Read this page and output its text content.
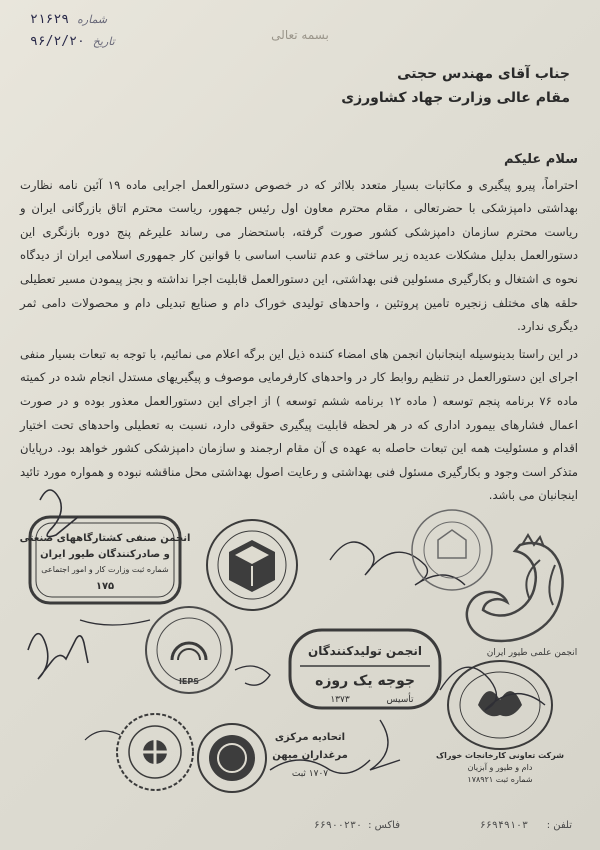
۲۱۶۲۹ شماره
۹۶/۲/۲۰ تاریخ	بسمه تعالی
جناب آقای مهندس حجتی
مقام عالی وزارت جهاد کشاورزی

سلام علیکم

احتراماً، پیرو پیگیری و مکاتبات بسیار متعدد بلااثر که در خصوص دستورالعمل اجرایی ماده ۱۹ آئین نامه نظارت بهداشتی دامپزشکی با حضرتعالی ، مقام محترم معاون اول رئیس جمهور، ریاست محترم اتاق بازرگانی ایران و ریاست محترم سازمان دامپزشکی کشور صورت گرفته، باستحضار می رساند علیرغم پنج دوره بازنگری این دستورالعمل بدلیل مشکلات عدیده زیر ساختی و عدم تناسب اساسی با قوانین کار جمهوری اسلامی ایران از دیدگاه نحوه ی اشتغال و بکارگیری مسئولین فنی بهداشتی، این دستورالعمل قابلیت اجرا نداشته و بجز پیمودن مسیر تعطیلی حلقه های مختلف زنجیره تامین پروتئین ، واحدهای تولیدی خوراک دام و صنایع تبدیلی دام و محصولات دامی ثمر دیگری ندارد.

در این راستا بدینوسیله اینجانبان انجمن های امضاء کننده ذیل این برگه اعلام می نمائیم، با توجه به تبعات بسیار منفی اجرای این دستورالعمل در تنظیم روابط کار در واحدهای کارفرمایی موصوف و پیگیریهای مستدل انجام شده در کمیته ماده ۷۶ برنامه پنجم توسعه ( ماده ۱۲ برنامه ششم توسعه ) از اجرای این دستورالعمل معذور بوده و در صورت اعمال فشارهای بیمورد اداری که در هر لحظه قابلیت پیگیری حقوقی دارد، نسبت به تعطیلی واحدهای تحت اختیار اقدام و مسئولیت همه این تبعات حاصله به عهده ی آن مقام ارجمند و سازمان دامپزشکی کشور خواهد بود. درپایان متذکر است وجود و بکارگیری مسئول فنی بهداشتی و رعایت اصول بهداشتی محل مناقشه نبوده و همواره مورد تائید اینجانبان می باشد.

انجمن صنفی کشتارگاههای صنعتی
و صادرکنندگان طیور ایران
شماره ثبت وزارت کار و امور اجتماعی
۱۷۵
انجمن علمی طیور ایران
IEPS
انجمن تولیدکنندگان
جوجه یک روزه
۱۳۷۳	تأسیس
شرکت تعاونی کارخانجات خوراک
دام و طیور و آبزیان
شماره ثبت ۱۷۸۹۲۱
اتحادیه مرکزی
مرغداران میهن
۱۷۰۷ ثبت
تلفن :
۶۶۹۴۹۱۰۳
فاکس :
۶۶۹۰۰۲۳۰
